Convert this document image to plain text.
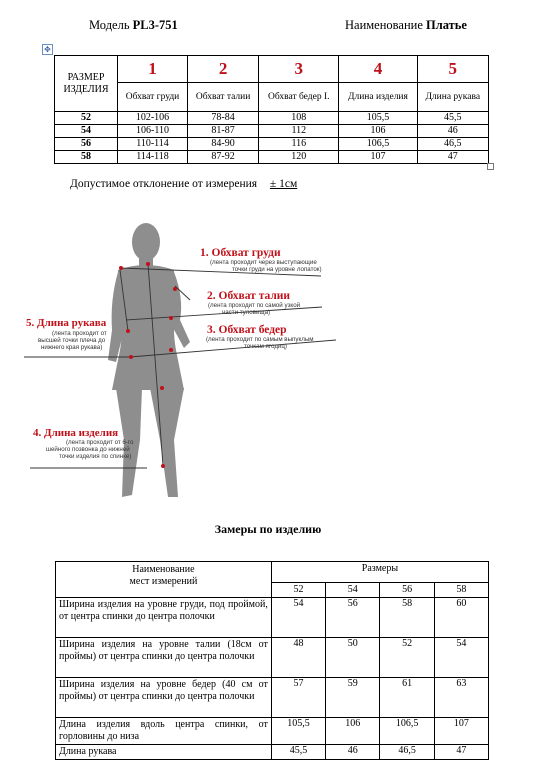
Модель PL3-751	Наименование Платье
✥
РАЗМЕР ИЗДЕЛИЯ	1	2	3	4	5
	Обхват груди	Обхват талии	Обхват бедер I.	Длина изделия	Длина рукава
52	102-106	78-84	108	105,5	45,5
54	106-110	81-87	112	106	46
56	110-114	84-90	116	106,5	46,5
58	114-118	87-92	120	107	47
Допустимое отклонение от измерения ± 1см
1. Обхват груди
(лента проходит через выступающие
точки груди на уровне лопаток)
2. Обхват талии
(лента проходит по самой узкой
части туловища)
3. Обхват бедер
(лента проходит по самым выпуклым
точкам ягодиц)
5. Длина рукава
(лента проходит от
высшей точки плеча до
нижнего края рукава)
4. Длина изделия
(лента проходит от 6-го
шейного позвонка до нижней
точки изделия по спинке)
Замеры по изделию
Наименование
мест измерений	Размеры			
	52	54	56	58
Ширина изделия на уровне груди, под проймой, от центра спинки до центра полочки	54	56	58	60
Ширина изделия на уровне талии (18см от проймы) от центра спинки до центра полочки	48	50	52	54
Ширина изделия на уровне бедер (40 см от проймы) от центра спинки до центра полочки	57	59	61	63
Длина изделия вдоль центра спинки, от горловины до низа	105,5	106	106,5	107
Длина рукава	45,5	46	46,5	47
